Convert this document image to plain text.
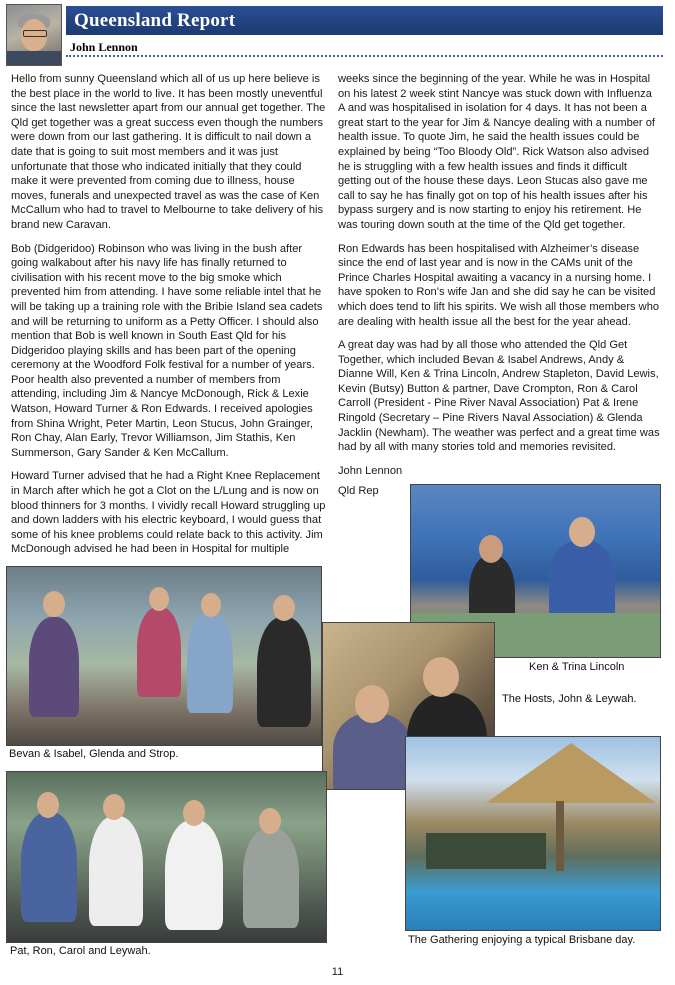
Queensland Report
John Lennon

Hello from sunny Queensland which all of us up here believe is the best place in the world to live. It has been mostly uneventful since the last newsletter apart from our annual get together. The Qld get together was a great success even though the numbers were down from our last gathering. It is difficult to nail down a date that is going to suit most members and it was just unfortunate that those who indicated initially that they could make it were prevented from coming due to illness, house moves, funerals and unexpected travel as was the case of Ken McCallum who had to travel to Melbourne to take delivery of his brand new Caravan.

Bob (Didgeridoo) Robinson who was living in the bush after going walkabout after his navy life has finally returned to civilisation with his recent move to the big smoke which prevented him from attending. I have some reliable intel that he will be taking up a training role with the Bribie Island sea cadets and will be returning to uniform as a Petty Officer. I should also mention that Bob is well known in South East Qld for his Didgeridoo playing skills and has been part of the opening ceremony at the Woodford Folk festival for a number of years. Poor health also prevented a number of members from attending, including Jim & Nancye McDonough, Rick & Lexie Watson, Howard Turner & Ron Edwards. I received apologies from Shina Wright, Peter Martin, Leon Stucus, John Grainger, Ron Chay, Alan Early, Trevor Williamson, Jim Stathis, Ken Summerson, Gary Sander & Ken McCallum.

Howard Turner advised that he had a Right Knee Replacement in March after which he got a Clot on the L/Lung and is now on blood thinners for 3 months. I vividly recall Howard struggling up and down ladders with his electric keyboard, I would guess that some of his knee problems could relate back to this activity. Jim McDonough advised he had been in Hospital for multiple

weeks since the beginning of the year. While he was in Hospital on his latest 2 week stint Nancye was stuck down with Influenza A and was hospitalised in isolation for 4 days. It has not been a great start to the year for Jim & Nancye dealing with a number of health issue. To quote Jim, he said the health issues could be explained by being “Too Bloody Old”. Rick Watson also advised he is struggling with a few health issues and finds it difficult getting out of the house these days. Leon Stucas also gave me call to say he has finally got on top of his health issues after his bypass surgery and is now starting to enjoy his retirement. He was touring down south at the time of the Qld get together.

Ron Edwards has been hospitalised with Alzheimer’s disease since the end of last year and is now in the CAMs unit of the Prince Charles Hospital awaiting a vacancy in a nursing home. I have spoken to Ron’s wife Jan and she did say he can be visited which does tend to lift his spirits. We wish all those members who are dealing with health issue all the best for the year ahead.

A great day was had by all those who attended the Qld Get Together, which included Bevan & Isabel Andrews, Andy & Dianne Will, Ken & Trina Lincoln, Andrew Stapleton, David Lewis, Kevin (Butsy) Button & partner, Dave Crompton, Ron & Carol Carroll (President - Pine River Naval Association) Pat & Irene Ringold (Secretary – Pine Rivers Naval Association) & Glenda Jacklin (Newham). The weather was perfect and a great time was had by all with many stories told and memories revisited.

John Lennon

Qld Rep

Ken & Trina Lincoln
The Hosts, John & Leywah.
Bevan & Isabel, Glenda and Strop.
The Gathering enjoying a typical Brisbane day.
Pat, Ron, Carol and Leywah.
11
